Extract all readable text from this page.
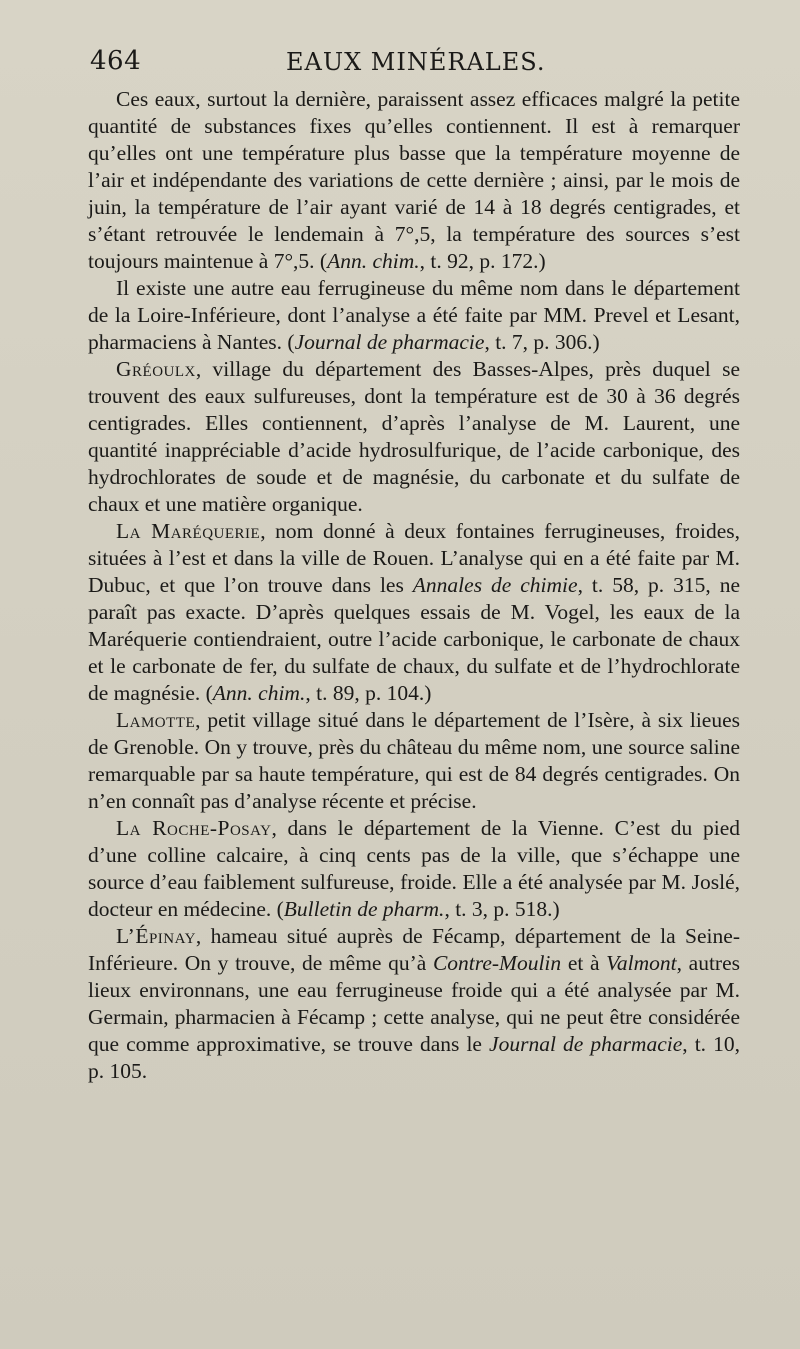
464	EAUX MINÉRALES.

Ces eaux, surtout la dernière, paraissent assez efficaces malgré la petite quantité de substances fixes qu’elles contiennent. Il est à remarquer qu’elles ont une température plus basse que la température moyenne de l’air et indépendante des variations de cette dernière ; ainsi, par le mois de juin, la température de l’air ayant varié de 14 à 18 degrés centigrades, et s’étant retrouvée le lendemain à 7°,5, la température des sources s’est toujours maintenue à 7°,5. (Ann. chim., t. 92, p. 172.)

Il existe une autre eau ferrugineuse du même nom dans le département de la Loire-Inférieure, dont l’analyse a été faite par MM. Prevel et Lesant, pharmaciens à Nantes. (Journal de pharmacie, t. 7, p. 306.)

Gréoulx, village du département des Basses-Alpes, près duquel se trouvent des eaux sulfureuses, dont la température est de 30 à 36 degrés centigrades. Elles contiennent, d’après l’analyse de M. Laurent, une quantité inappréciable d’acide hydrosulfurique, de l’acide carbonique, des hydrochlorates de soude et de magnésie, du carbonate et du sulfate de chaux et une matière organique.

La Maréquerie, nom donné à deux fontaines ferrugineuses, froides, situées à l’est et dans la ville de Rouen. L’analyse qui en a été faite par M. Dubuc, et que l’on trouve dans les Annales de chimie, t. 58, p. 315, ne paraît pas exacte. D’après quelques essais de M. Vogel, les eaux de la Maréquerie contiendraient, outre l’acide carbonique, le carbonate de chaux et le carbonate de fer, du sulfate de chaux, du sulfate et de l’hydrochlorate de magnésie. (Ann. chim., t. 89, p. 104.)

Lamotte, petit village situé dans le département de l’Isère, à six lieues de Grenoble. On y trouve, près du château du même nom, une source saline remarquable par sa haute température, qui est de 84 degrés centigrades. On n’en connaît pas d’analyse récente et précise.

La Roche-Posay, dans le département de la Vienne. C’est du pied d’une colline calcaire, à cinq cents pas de la ville, que s’échappe une source d’eau faiblement sulfureuse, froide. Elle a été analysée par M. Joslé, docteur en médecine. (Bulletin de pharm., t. 3, p. 518.)

L’Épinay, hameau situé auprès de Fécamp, département de la Seine-Inférieure. On y trouve, de même qu’à Contre-Moulin et à Valmont, autres lieux environnans, une eau ferrugineuse froide qui a été analysée par M. Germain, pharmacien à Fécamp ; cette analyse, qui ne peut être considérée que comme approximative, se trouve dans le Journal de pharmacie, t. 10, p. 105.
